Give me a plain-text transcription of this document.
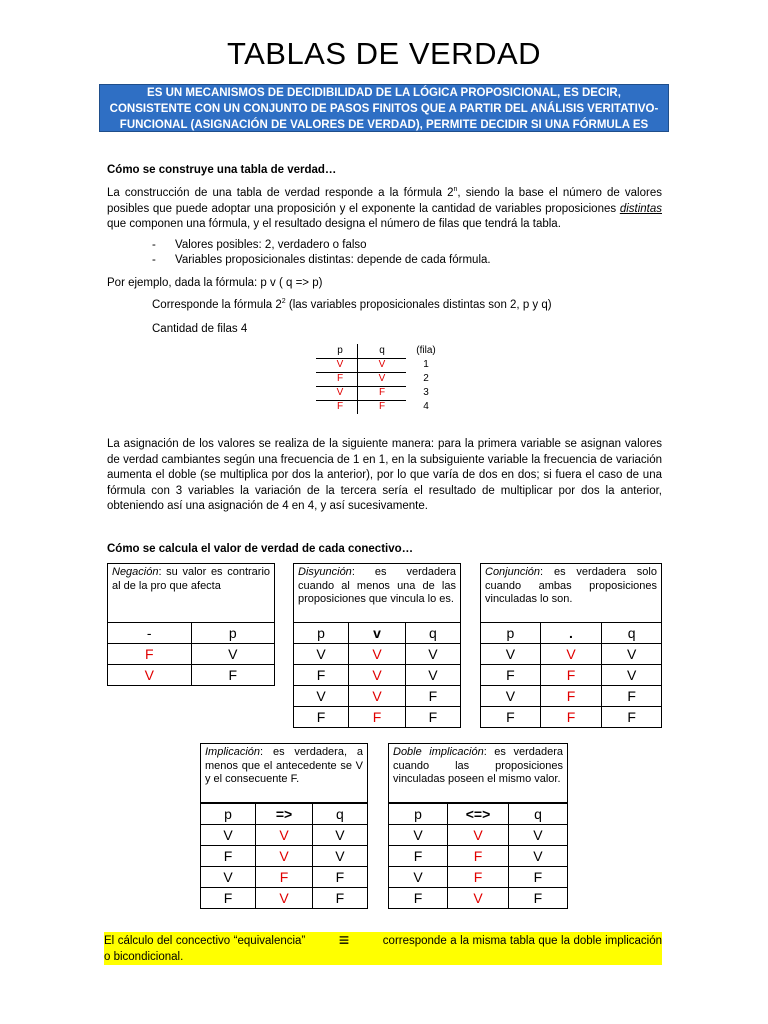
TABLAS DE VERDAD
ES UN MECANISMOS DE DECIDIBILIDAD DE LA LÓGICA PROPOSICIONAL, ES DECIR, CONSISTENTE CON UN CONJUNTO DE PASOS FINITOS QUE A PARTIR DEL ANÁLISIS VERITATIVO-FUNCIONAL (ASIGNACIÓN DE VALORES DE VERDAD), PERMITE DECIDIR SI UNA FÓRMULA ES VÁLIDAD O NO.
Cómo se construye una tabla de verdad…
La construcción de una tabla de verdad responde a la fórmula 2$^n$, siendo la base el número de valores posibles que puede adoptar una proposición y el exponente la cantidad de variables proposiciones distintas que componen una fórmula, y el resultado designa el número de filas que tendrá la tabla.
- Valores posibles: 2, verdadero o falso
- Variables proposicionales distintas: depende de cada fórmula.
Por ejemplo, dada la fórmula: p v ( q => p)
Corresponde la fórmula $2^2$ (las variables proposicionales distintas son 2, p y q)
Cantidad de filas 4
p	q	(fila)
V	V	1
F	V	2
V	F	3
F	F	4
La asignación de los valores se realiza de la siguiente manera: para la primera variable se asignan valores de verdad cambiantes según una frecuencia de 1 en 1, en la subsiguiente variable la frecuencia de variación aumenta el doble (se multiplica por dos la anterior), por lo que varía de dos en dos; si fuera el caso de una fórmula con 3 variables la variación de la tercera sería el resultado de multiplicar por dos la anterior, obteniendo así una asignación de 4 en 4, y así sucesivamente.
Cómo se calcula el valor de verdad de cada conectivo…
Negación: su valor es contrario al de la pro que afecta
-	p
F	V
V	F
Disyunción: es verdadera cuando al menos una de las proposiciones que vincula lo es.
p	v	q
V	V	V
F	V	V
V	V	F
F	F	F
Conjunción: es verdadera solo cuando ambas proposiciones vinculadas lo son.
p	.	q
V	V	V
F	F	V
V	F	F
F	F	F
Implicación: es verdadera, a menos que el antecedente se V y el consecuente F.
p	=>	q
V	V	V
F	V	V
V	F	F
F	V	F
Doble implicación: es verdadera cuando las proposiciones vinculadas poseen el mismo valor.
p	<=>	q
V	V	V
F	F	V
V	F	F
F	V	F
El cálculo del concectivo “equivalencia” ≡	corresponde a la misma tabla que la doble implicación o bicondicional.
